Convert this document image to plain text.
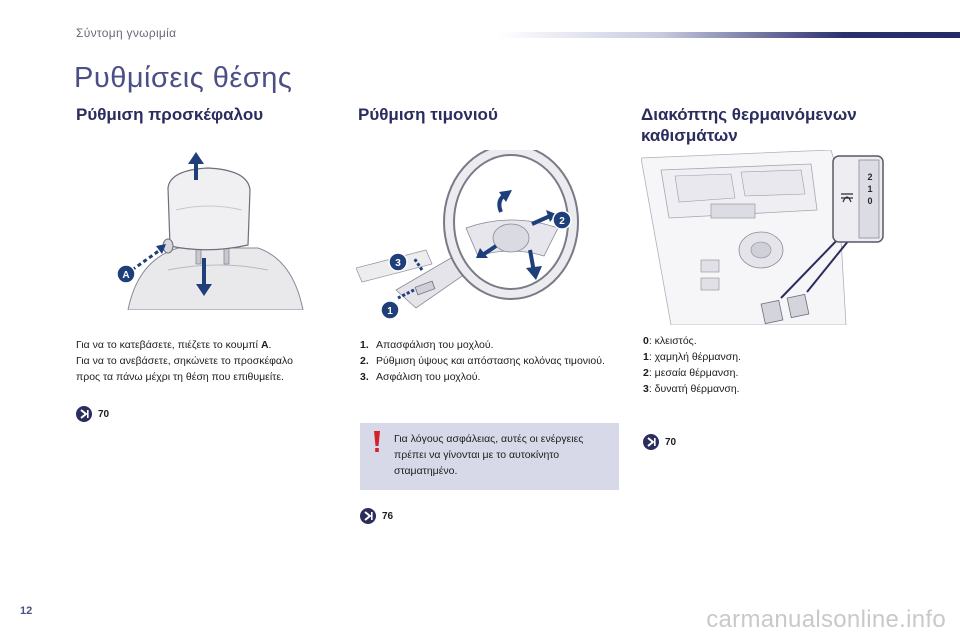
Σύντομη γνωριμία
Ρυθμίσεις θέσης
Ρύθμιση προσκέφαλου
A

Για να το κατεβάσετε, πιέζετε το κουμπί A.

Για να το ανεβάσετε, σηκώνετε το προσκέφαλο

προς τα πάνω μέχρι τη θέση που επιθυμείτε.

70
Ρύθμιση τιμονιού
1
2
3
1. Απασφάλιση του μοχλού.
2. Ρύθμιση ύψους και απόστασης κολόνας τιμονιού.
3. Ασφάλιση του μοχλού.
Για λόγους ασφάλειας, αυτές οι ενέργειες πρέπει να γίνονται με το αυτοκίνητο σταματημένο.
76
Διακόπτης θερμαινόμενων
καθισμάτων
2
1
0

0: κλειστός.

1: χαμηλή θέρμανση.

2: μεσαία θέρμανση.

3: δυνατή θέρμανση.

70
12	carmanualsonline.info
